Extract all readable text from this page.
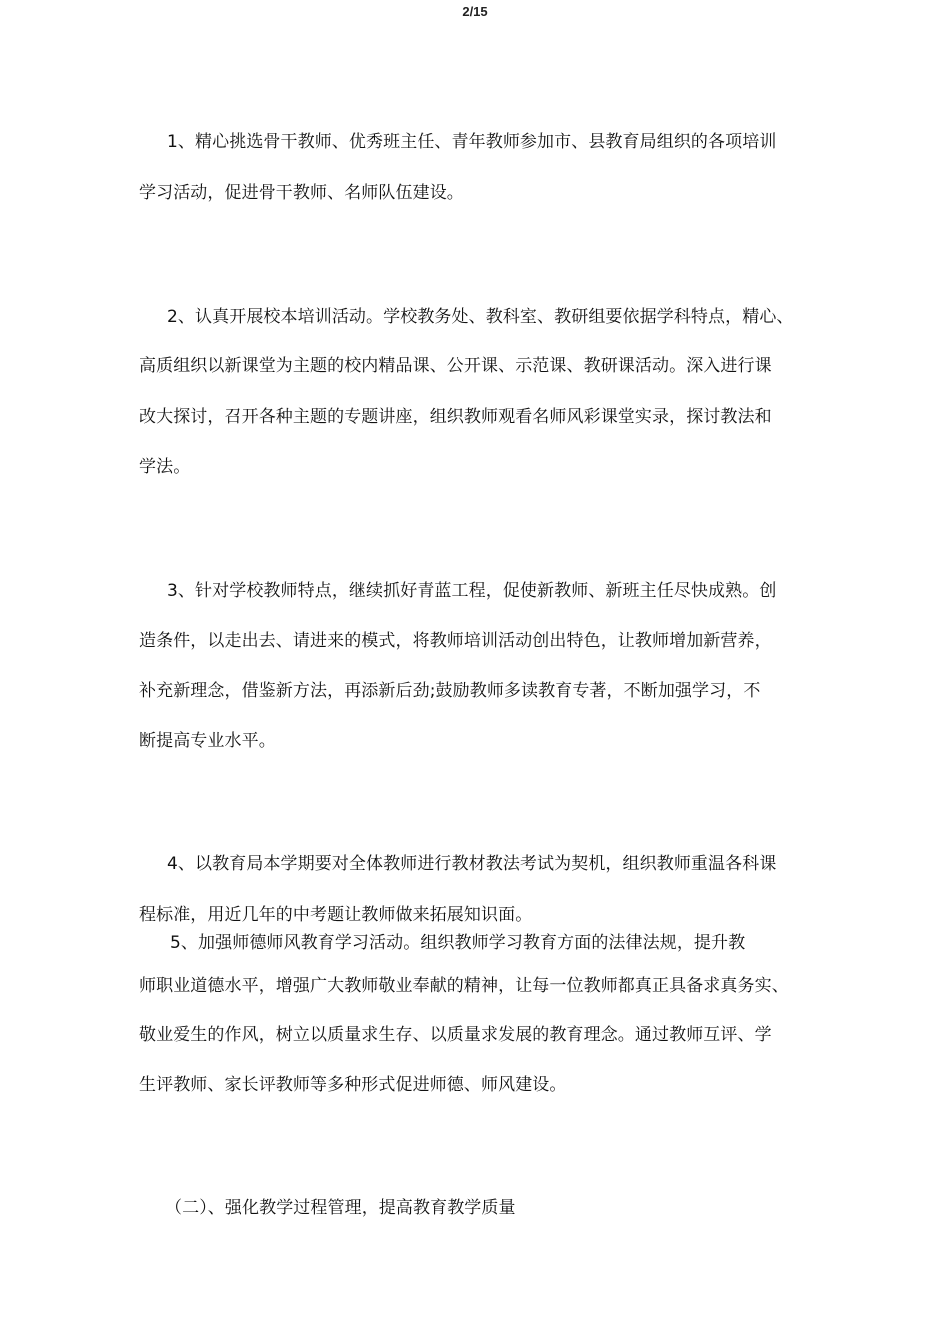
2/15
1、精心挑选骨干教师、优秀班主任、青年教师参加市、县教育局组织的各项培训
学习活动，促进骨干教师、名师队伍建设。
2、认真开展校本培训活动。学校教务处、教科室、教研组要依据学科特点，精心、
高质组织以新课堂为主题的校内精品课、公开课、示范课、教研课活动。深入进行课
改大探讨，召开各种主题的专题讲座，组织教师观看名师风彩课堂实录，探讨教法和
学法。
3、针对学校教师特点，继续抓好青蓝工程，促使新教师、新班主任尽快成熟。创
造条件，以走出去、请进来的模式，将教师培训活动创出特色，让教师增加新营养，
补充新理念，借鉴新方法，再添新后劲;鼓励教师多读教育专著，不断加强学习，不
断提高专业水平。
4、以教育局本学期要对全体教师进行教材教法考试为契机，组织教师重温各科课
程标准，用近几年的中考题让教师做来拓展知识面。
5、加强师德师风教育学习活动。组织教师学习教育方面的法律法规，提升教
师职业道德水平，增强广大教师敬业奉献的精神，让每一位教师都真正具备求真务实、
敬业爱生的作风，树立以质量求生存、以质量求发展的教育理念。通过教师互评、学
生评教师、家长评教师等多种形式促进师德、师风建设。
（二）、强化教学过程管理，提高教育教学质量
